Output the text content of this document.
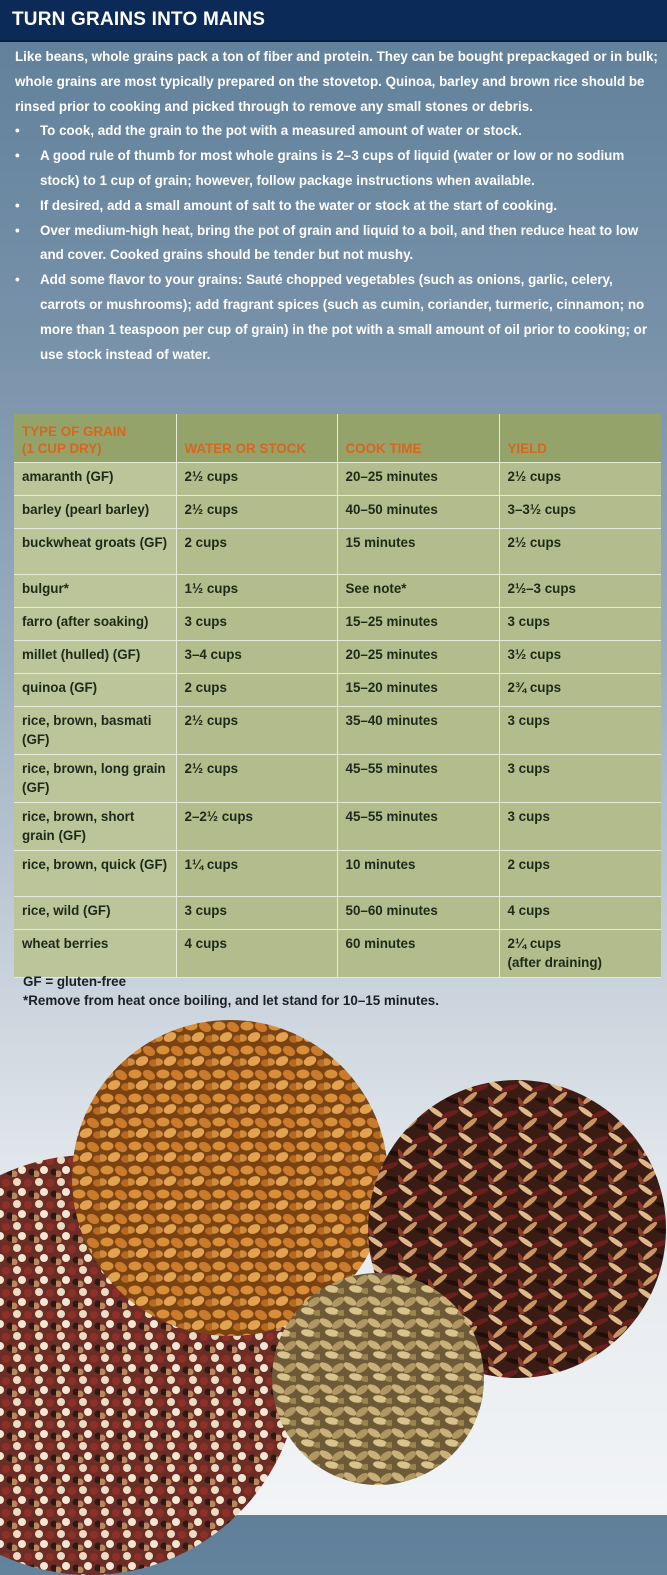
TURN GRAINS INTO MAINS
Like beans, whole grains pack a ton of fiber and protein. They can be bought prepackaged or in bulk; whole grains are most typically prepared on the stovetop. Quinoa, barley and brown rice should be rinsed prior to cooking and picked through to remove any small stones or debris.
• To cook, add the grain to the pot with a measured amount of water or stock.
• A good rule of thumb for most whole grains is 2–3 cups of liquid (water or low or no sodium stock) to 1 cup of grain; however, follow package instructions when available.
• If desired, add a small amount of salt to the water or stock at the start of cooking.
• Over medium-high heat, bring the pot of grain and liquid to a boil, and then reduce heat to low and cover. Cooked grains should be tender but not mushy.
• Add some flavor to your grains: Sauté chopped vegetables (such as onions, garlic, celery, carrots or mushrooms); add fragrant spices (such as cumin, coriander, turmeric, cinnamon; no more than 1 teaspoon per cup of grain) in the pot with a small amount of oil prior to cooking; or use stock instead of water.
TYPE OF GRAIN
(1 CUP DRY)	WATER OR STOCK	COOK TIME	YIELD
amaranth (GF)	2½ cups	20–25 minutes	2½ cups
barley (pearl barley)	2½ cups	40–50 minutes	3–3½ cups
buckwheat groats (GF)	2 cups	15 minutes	2½ cups
bulgur*	1½ cups	See note*	2½–3 cups
farro (after soaking)	3 cups	15–25 minutes	3 cups
millet (hulled) (GF)	3–4 cups	20–25 minutes	3½ cups
quinoa (GF)	2 cups	15–20 minutes	2¾ cups
rice, brown, basmati (GF)	2½ cups	35–40 minutes	3 cups
rice, brown, long grain (GF)	2½ cups	45–55 minutes	3 cups
rice, brown, short grain (GF)	2–2½ cups	45–55 minutes	3 cups
rice, brown, quick (GF)	1¼ cups	10 minutes	2 cups
rice, wild (GF)	3 cups	50–60 minutes	4 cups
wheat berries	4 cups	60 minutes	2¼ cups
(after draining)
GF = gluten-free
*Remove from heat once boiling, and let stand for 10–15 minutes.
